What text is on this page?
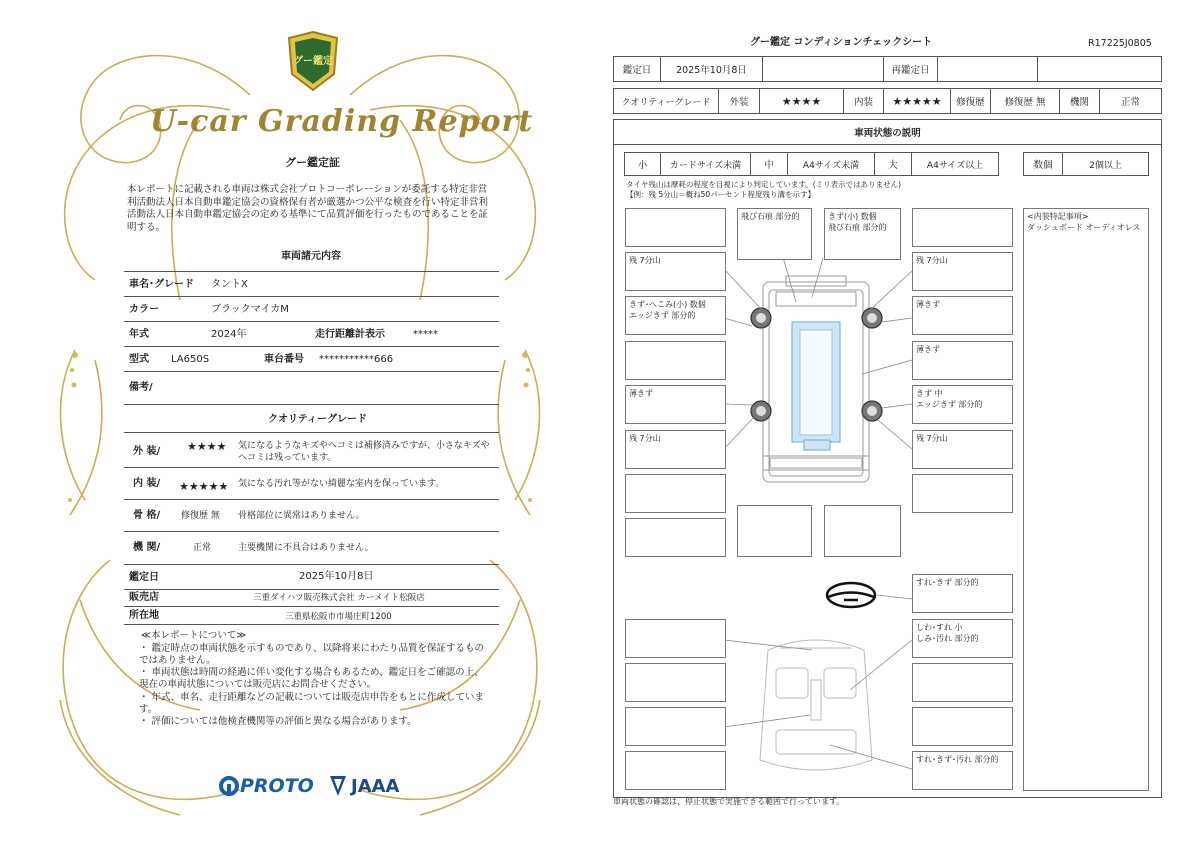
グー鑑定
U-car Grading Report
グー鑑定証
本レポートに記載される車両は株式会社プロトコーポレーションが委託する特定非営利活動法人日本自動車鑑定協会の資格保有者が厳選かつ公平な検査を行い特定非営利活動法人日本自動車鑑定協会の定める基準にて品質評価を行ったものであることを証明する。
車両諸元内容
車名･グレード タントX
カラー	ブラックマイカM
年式	2024年	走行距離計表示	*****
型式 LA650S	車台番号 ***********666
備考/
クオリティーグレード
外 装/ ★★★★ 気になるようなキズやヘコミは補修済みですが、小さなキズやヘコミは残っています。
内 装/ ★★★★★ 気になる汚れ等がない綺麗な室内を保っています。
骨 格/ 修復歴 無 骨格部位に異常はありません。
機 関/	正常	主要機関に不具合はありません。
鑑定日	2025年10月8日
販売店	三重ダイハツ販売株式会社 カーメイト松阪店
所在地	三重県松阪市市場庄町1200
≪本レポートについて≫
・ 鑑定時点の車両状態を示すものであり、以降将来にわたり品質を保証するものではありません。
・ 車両状態は時間の経過に伴い変化する場合もあるため、鑑定日をご確認の上、現在の車両状態については販売店にお問合せください。
・ 年式、車名、走行距離などの記載については販売店申告をもとに作成しています。
・ 評価については他検査機関等の評価と異なる場合があります。
PROTO JAAA
グー鑑定 コンディションチェックシート	R17225J0805
鑑定日	2025年10月8日	再鑑定日
クオリティーグレード	外装	★★★★	内装	★★★★★	修復歴	修復歴 無	機関	正常
車両状態の説明
小	カードサイズ未満	中	A4サイズ未満	大	A4サイズ以上	数個	2個以上
タイヤ残山は摩耗の程度を目視により判定しています。(ミリ表示ではありません)
【例：残 5分山＝概ね50パーセント程度残り溝を示す】
飛び石痕 部分的	きず(小) 数個
飛び石痕 部分的
残 7分山
きず･へこみ(小) 数個
エッジきず 部分的
薄きず
残 7分山
残 7分山
薄きず
薄きず
きず 中
エッジきず 部分的
残 7分山
すれ･きず 部分的
しわ･すれ 小
しみ･汚れ 部分的
すれ･きず･汚れ 部分的
<内装特記事項>
ダッシュボード オーディオレス
車両状態の確認は、停止状態で実施できる範囲で行っています。
